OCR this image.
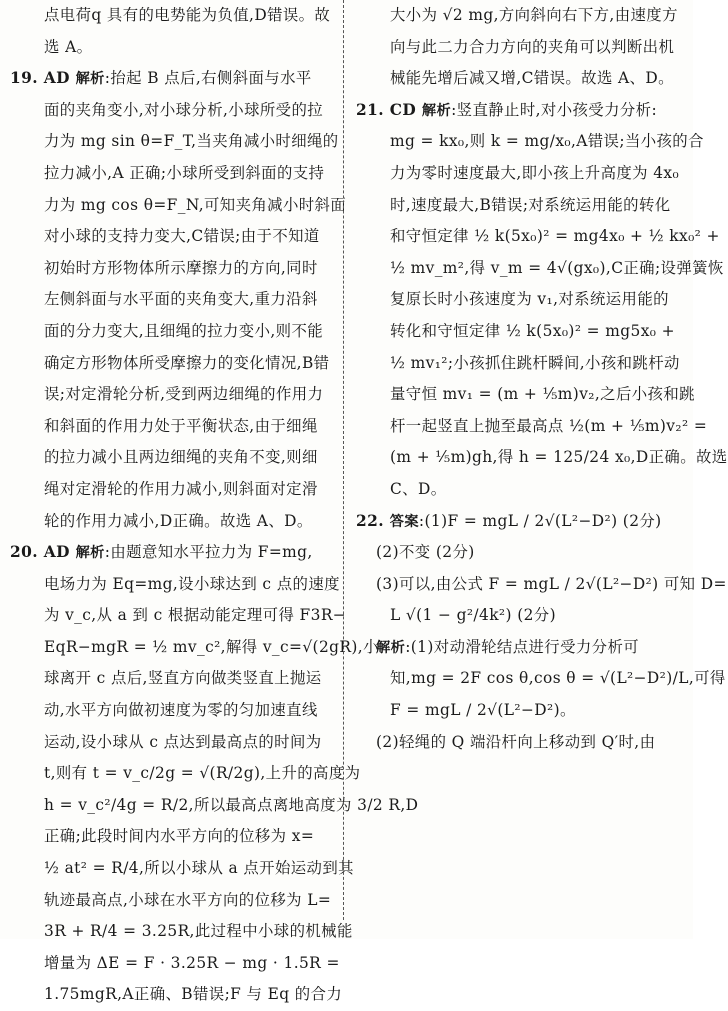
点电荷q 具有的电势能为负值,D错误。故
选 A。
19. AD 解析:抬起 B 点后,右侧斜面与水平
面的夹角变小,对小球分析,小球所受的拉
力为 mg sin θ=F_T,当夹角减小时细绳的
拉力减小,A 正确;小球所受到斜面的支持
力为 mg cos θ=F_N,可知夹角减小时斜面
对小球的支持力变大,C错误;由于不知道
初始时方形物体所示摩擦力的方向,同时
左侧斜面与水平面的夹角变大,重力沿斜
面的分力变大,且细绳的拉力变小,则不能
确定方形物体所受摩擦力的变化情况,B错
误;对定滑轮分析,受到两边细绳的作用力
和斜面的作用力处于平衡状态,由于细绳
的拉力减小且两边细绳的夹角不变,则细
绳对定滑轮的作用力减小,则斜面对定滑
轮的作用力减小,D正确。故选 A、D。
20. AD 解析:由题意知水平拉力为 F=mg,
电场力为 Eq=mg,设小球达到 c 点的速度
为 v_c,从 a 到 c 根据动能定理可得 F3R−
EqR−mgR = ½ mv_c²,解得 v_c=√(2gR),小
球离开 c 点后,竖直方向做类竖直上抛运
动,水平方向做初速度为零的匀加速直线
运动,设小球从 c 点达到最高点的时间为
t,则有 t = v_c/2g = √(R/2g),上升的高度为
h = v_c²/4g = R/2,所以最高点离地高度为 3/2 R,D
正确;此段时间内水平方向的位移为 x=
½ at² = R/4,所以小球从 a 点开始运动到其
轨迹最高点,小球在水平方向的位移为 L=
3R + R/4 = 3.25R,此过程中小球的机械能
增量为 ΔE = F · 3.25R − mg · 1.5R =
1.75mgR,A正确、B错误;F 与 Eq 的合力
大小为 √2 mg,方向斜向右下方,由速度方
向与此二力合力方向的夹角可以判断出机
械能先增后减又增,C错误。故选 A、D。
21. CD 解析:竖直静止时,对小孩受力分析:
mg = kx₀,则 k = mg/x₀,A错误;当小孩的合
力为零时速度最大,即小孩上升高度为 4x₀
时,速度最大,B错误;对系统运用能的转化
和守恒定律 ½ k(5x₀)² = mg4x₀ + ½ kx₀² +
½ mv_m²,得 v_m = 4√(gx₀),C正确;设弹簧恢
复原长时小孩速度为 v₁,对系统运用能的
转化和守恒定律 ½ k(5x₀)² = mg5x₀ +
½ mv₁²;小孩抓住跳杆瞬间,小孩和跳杆动
量守恒 mv₁ = (m + ⅕m)v₂,之后小孩和跳
杆一起竖直上抛至最高点 ½(m + ⅕m)v₂² =
(m + ⅕m)gh,得 h = 125/24 x₀,D正确。故选
C、D。
22. 答案:(1)F = mgL / 2√(L²−D²) (2分)
(2)不变 (2分)
(3)可以,由公式 F = mgL / 2√(L²−D²) 可知 D=
L √(1 − g²/4k²) (2分)
解析:(1)对动滑轮结点进行受力分析可
知,mg = 2F cos θ,cos θ = √(L²−D²)/L,可得
F = mgL / 2√(L²−D²)。
(2)轻绳的 Q 端沿杆向上移动到 Q′时,由
